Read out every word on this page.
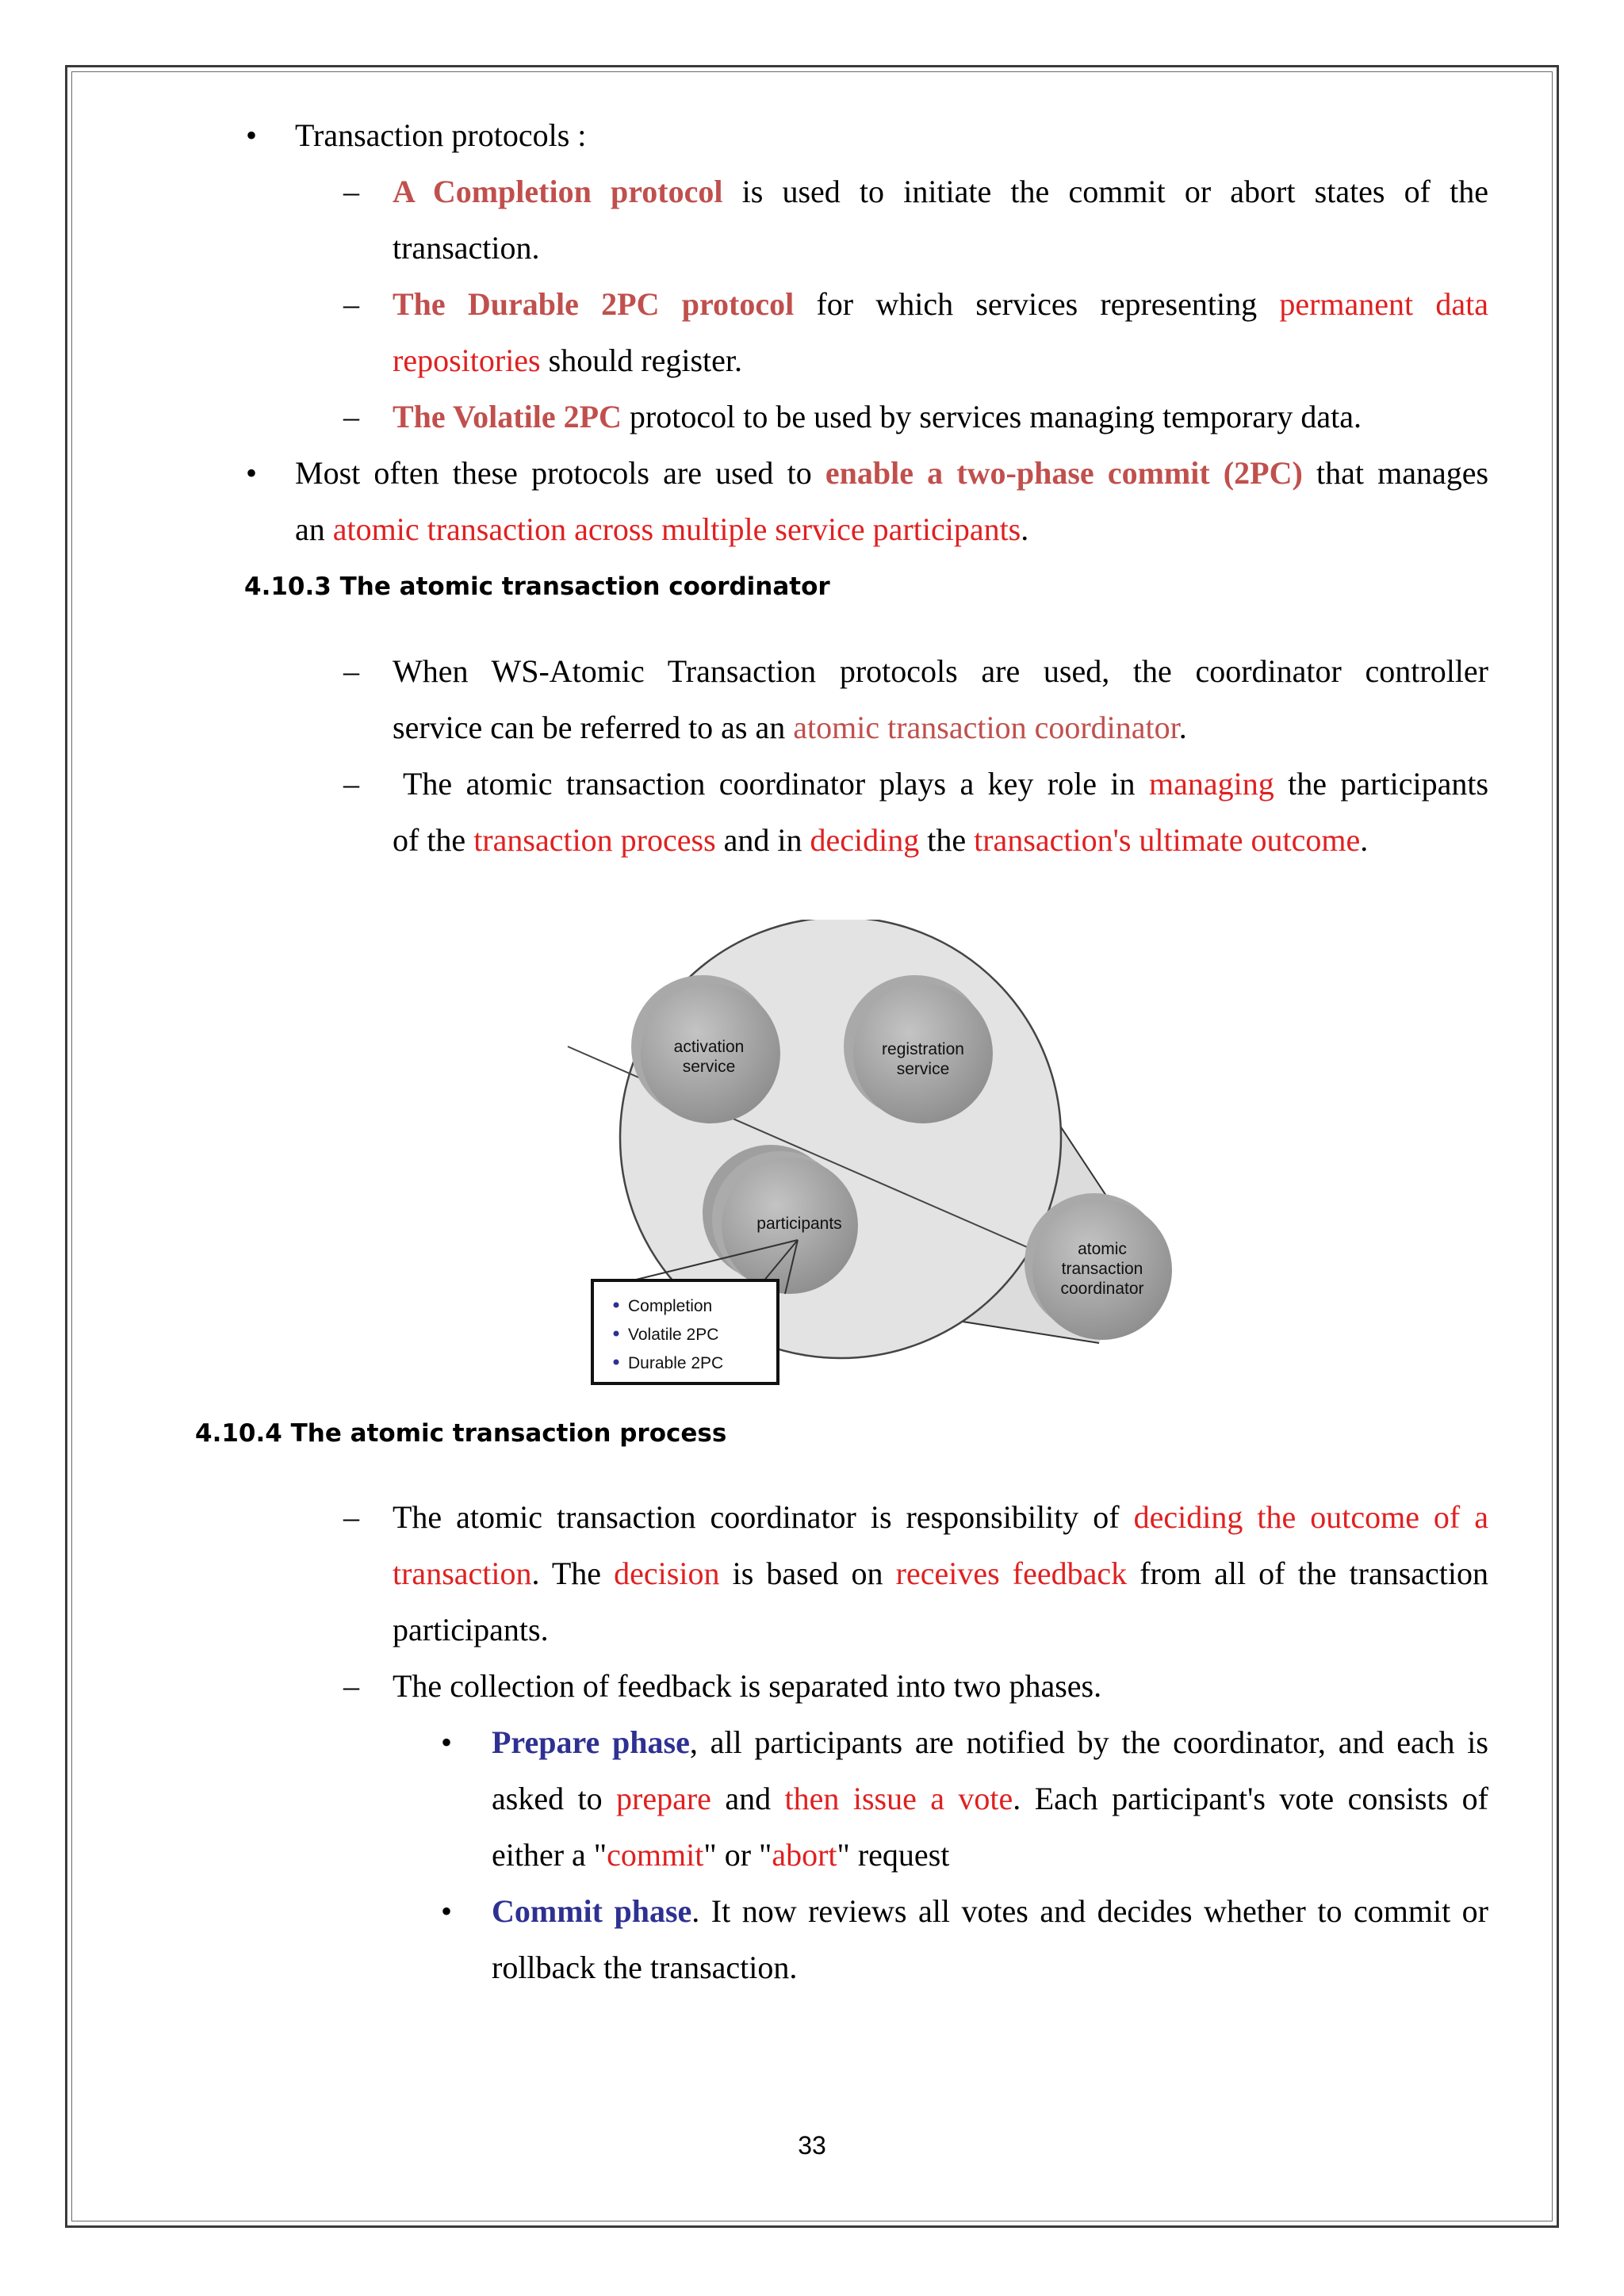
• Transaction protocols :
– A Completion protocol is used to initiate the commit or abort states of the
transaction.
– The Durable 2PC protocol for which services representing permanent data
repositories should register.
– The Volatile 2PC protocol to be used by services managing temporary data.
• Most often these protocols are used to enable a two-phase commit (2PC) that manages
an atomic transaction across multiple service participants.
4.10.3 The atomic transaction coordinator
– When WS-Atomic Transaction protocols are used, the coordinator controller
service can be referred to as an atomic transaction coordinator.
– The atomic transaction coordinator plays a key role in managing the participants
of the transaction process and in deciding the transaction's ultimate outcome.
activation
service
registration
service
participants
atomic
transaction
coordinator
Completion
Volatile 2PC
Durable 2PC
4.10.4 The atomic transaction process
– The atomic transaction coordinator is responsibility of deciding the outcome of a
transaction. The decision is based on receives feedback from all of the transaction
participants.
– The collection of feedback is separated into two phases.
• Prepare phase, all participants are notified by the coordinator, and each is
asked to prepare and then issue a vote. Each participant's vote consists of
either a "commit" or "abort" request
• Commit phase. It now reviews all votes and decides whether to commit or
rollback the transaction.
33
